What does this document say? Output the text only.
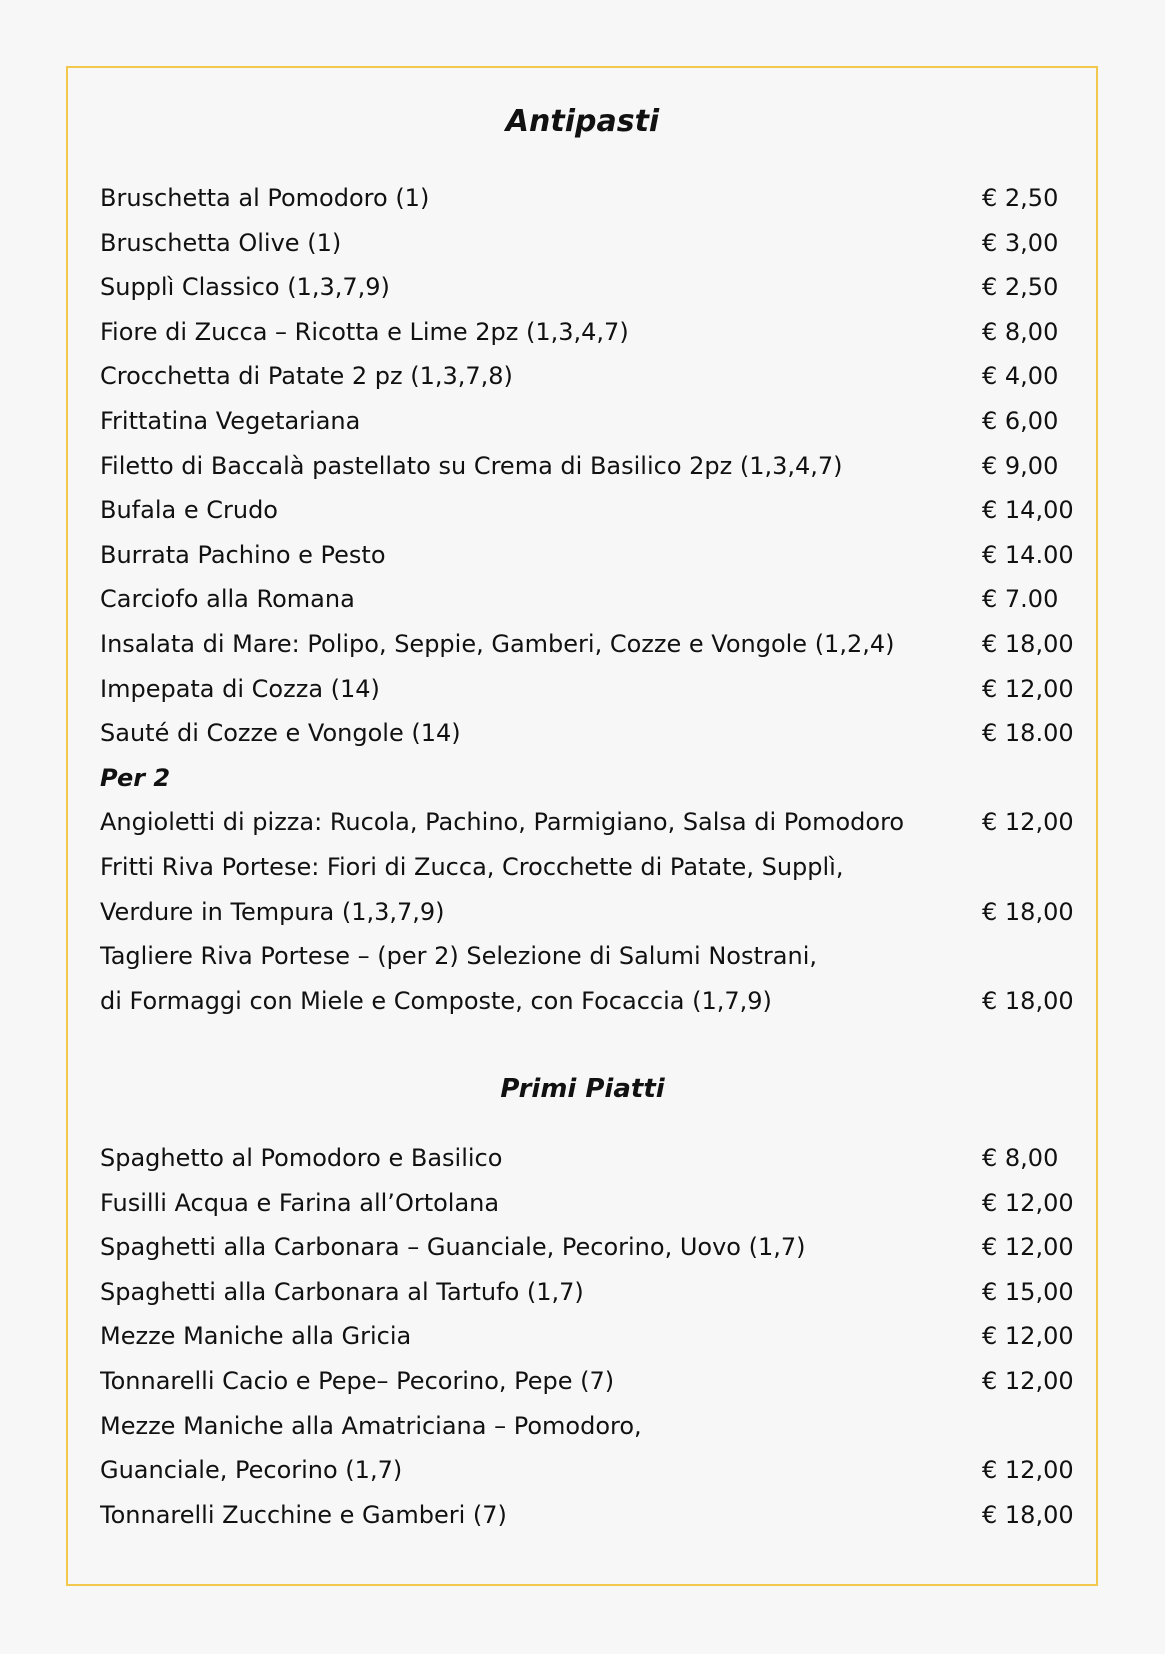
Antipasti
Bruschetta al Pomodoro (1)	€ 2,50
Bruschetta Olive (1)	€ 3,00
Supplì Classico (1,3,7,9)	€ 2,50
Fiore di Zucca – Ricotta e Lime 2pz (1,3,4,7)	€ 8,00
Crocchetta di Patate 2 pz (1,3,7,8)	€ 4,00
Frittatina Vegetariana	€ 6,00
Filetto di Baccalà pastellato su Crema di Basilico 2pz (1,3,4,7)	€ 9,00
Bufala e Crudo	€ 14,00
Burrata Pachino e Pesto	€ 14.00
Carciofo alla Romana	€ 7.00
Insalata di Mare: Polipo, Seppie, Gamberi, Cozze e Vongole (1,2,4)	€ 18,00
Impepata di Cozza (14)	€ 12,00
Sauté di Cozze e Vongole (14)	€ 18.00
Per 2
Angioletti di pizza: Rucola, Pachino, Parmigiano, Salsa di Pomodoro	€ 12,00
Fritti Riva Portese: Fiori di Zucca, Crocchette di Patate, Supplì,
Verdure in Tempura (1,3,7,9)	€ 18,00
Tagliere Riva Portese – (per 2) Selezione di Salumi Nostrani,
di Formaggi con Miele e Composte, con Focaccia (1,7,9)	€ 18,00
Primi Piatti
Spaghetto al Pomodoro e Basilico	€ 8,00
Fusilli Acqua e Farina all’Ortolana	€ 12,00
Spaghetti alla Carbonara – Guanciale, Pecorino, Uovo (1,7)	€ 12,00
Spaghetti alla Carbonara al Tartufo (1,7)	€ 15,00
Mezze Maniche alla Gricia	€ 12,00
Tonnarelli Cacio e Pepe– Pecorino, Pepe (7)	€ 12,00
Mezze Maniche alla Amatriciana – Pomodoro,
Guanciale, Pecorino (1,7)	€ 12,00
Tonnarelli Zucchine e Gamberi (7)	€ 18,00
